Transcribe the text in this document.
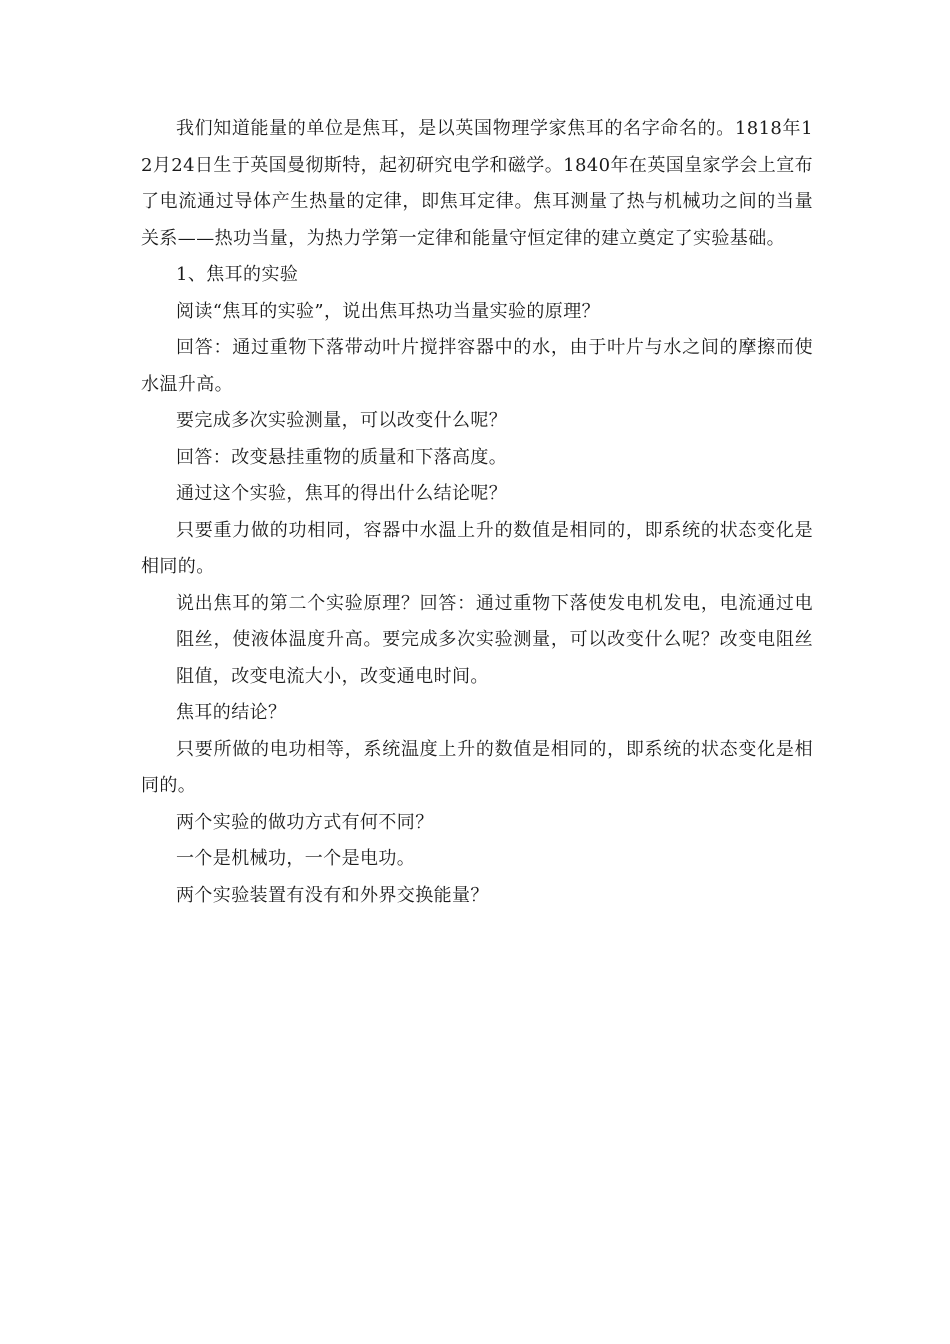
我们知道能量的单位是焦耳，是以英国物理学家焦耳的名字命名的。1818年12月24日生于英国曼彻斯特，起初研究电学和磁学。1840年在英国皇家学会上宣布了电流通过导体产生热量的定律，即焦耳定律。焦耳测量了热与机械功之间的当量关系——热功当量，为热力学第一定律和能量守恒定律的建立奠定了实验基础。

1、焦耳的实验

阅读“焦耳的实验”，说出焦耳热功当量实验的原理？

回答：通过重物下落带动叶片搅拌容器中的水，由于叶片与水之间的摩擦而使水温升高。

要完成多次实验测量，可以改变什么呢？

回答：改变悬挂重物的质量和下落高度。

通过这个实验，焦耳的得出什么结论呢？

只要重力做的功相同，容器中水温上升的数值是相同的，即系统的状态变化是相同的。

说出焦耳的第二个实验原理？回答：通过重物下落使发电机发电，电流通过电阻丝，使液体温度升高。要完成多次实验测量，可以改变什么呢？改变电阻丝阻值，改变电流大小，改变通电时间。

焦耳的结论？

只要所做的电功相等，系统温度上升的数值是相同的，即系统的状态变化是相同的。

两个实验的做功方式有何不同？

一个是机械功，一个是电功。

两个实验装置有没有和外界交换能量？
